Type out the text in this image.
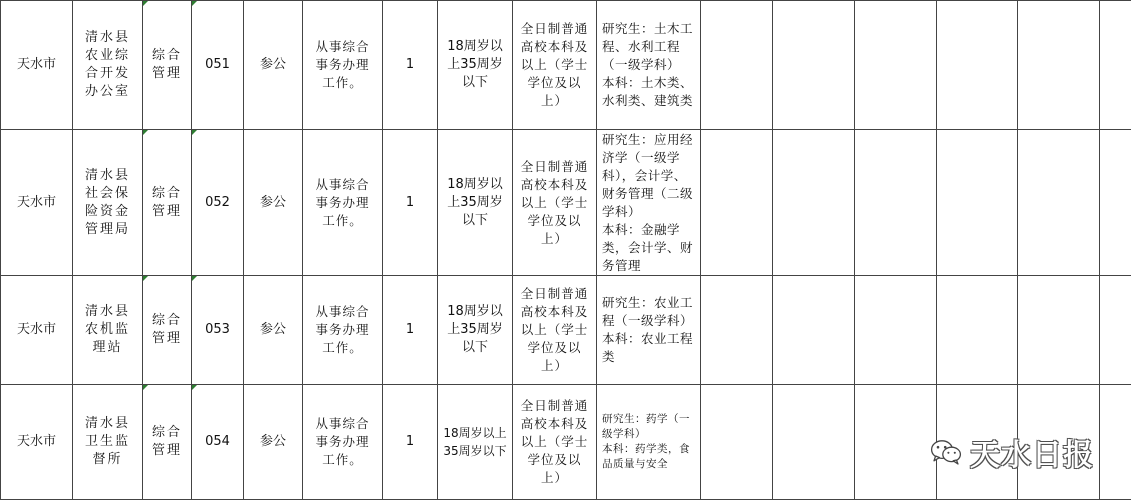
天水市	清水县农业综合开发办公室	综合管理	051	参公	从事综合事务办理工作。	1	18周岁以上35周岁以下	全日制普通高校本科及以上（学士学位及以上）	研究生：土木工程、水利工程（一级学科）
本科：土木类、水利类、建筑类						

天水市	清水县社会保险资金管理局	综合管理	052	参公	从事综合事务办理工作。	1	18周岁以上35周岁以下	全日制普通高校本科及以上（学士学位及以上）	研究生：应用经济学（一级学科），会计学、财务管理（二级学科）
本科：金融学类，会计学、财务管理						

天水市	清水县农机监理站	综合管理	053	参公	从事综合事务办理工作。	1	18周岁以上35周岁以下	全日制普通高校本科及以上（学士学位及以上）	研究生：农业工程（一级学科）
本科：农业工程类						

天水市	清水县卫生监督所	综合管理	054	参公	从事综合事务办理工作。	1	18周岁以上35周岁以下	全日制普通高校本科及以上（学士学位及以上）	研究生：药学（一级学科）
本科：药学类，食品质量与安全						
							天水日报
